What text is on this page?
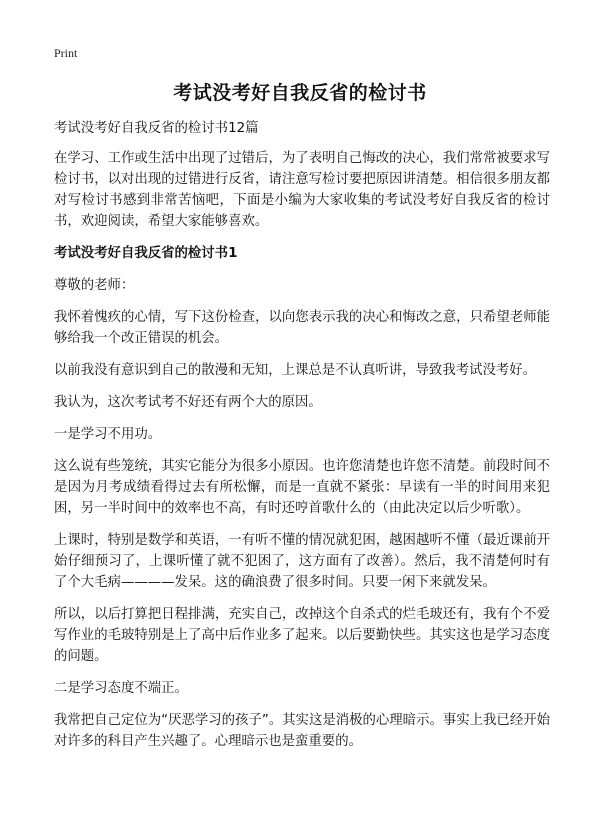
Print
考试没考好自我反省的检讨书

考试没考好自我反省的检讨书12篇

在学习、工作或生活中出现了过错后，为了表明自己悔改的决心，我们常常被要求写检讨书，以对出现的过错进行反省，请注意写检讨要把原因讲清楚。相信很多朋友都对写检讨书感到非常苦恼吧，下面是小编为大家收集的考试没考好自我反省的检讨书，欢迎阅读，希望大家能够喜欢。

考试没考好自我反省的检讨书1

尊敬的老师：

我怀着愧疚的心情，写下这份检查，以向您表示我的决心和悔改之意，只希望老师能够给我一个改正错误的机会。

以前我没有意识到自己的散漫和无知，上课总是不认真听讲，导致我考试没考好。

我认为，这次考试考不好还有两个大的原因。

一是学习不用功。

这么说有些笼统，其实它能分为很多小原因。也许您清楚也许您不清楚。前段时间不是因为月考成绩看得过去有所松懈，而是一直就不紧张：早读有一半的时间用来犯困，另一半时间中的效率也不高，有时还哼首歌什么的（由此决定以后少听歌）。

上课时，特别是数学和英语，一有听不懂的情况就犯困，越困越听不懂（最近课前开始仔细预习了，上课听懂了就不犯困了，这方面有了改善）。然后，我不清楚何时有了个大毛病————发呆。这的确浪费了很多时间。只要一闲下来就发呆。

所以，以后打算把日程排满，充实自己，改掉这个自杀式的烂毛玻还有，我有个不爱写作业的毛玻特别是上了高中后作业多了起来。以后要勤快些。其实这也是学习态度的问题。

二是学习态度不端正。

我常把自己定位为“厌恶学习的孩子”。其实这是消极的心理暗示。事实上我已经开始对许多的科目产生兴趣了。心理暗示也是蛮重要的。
